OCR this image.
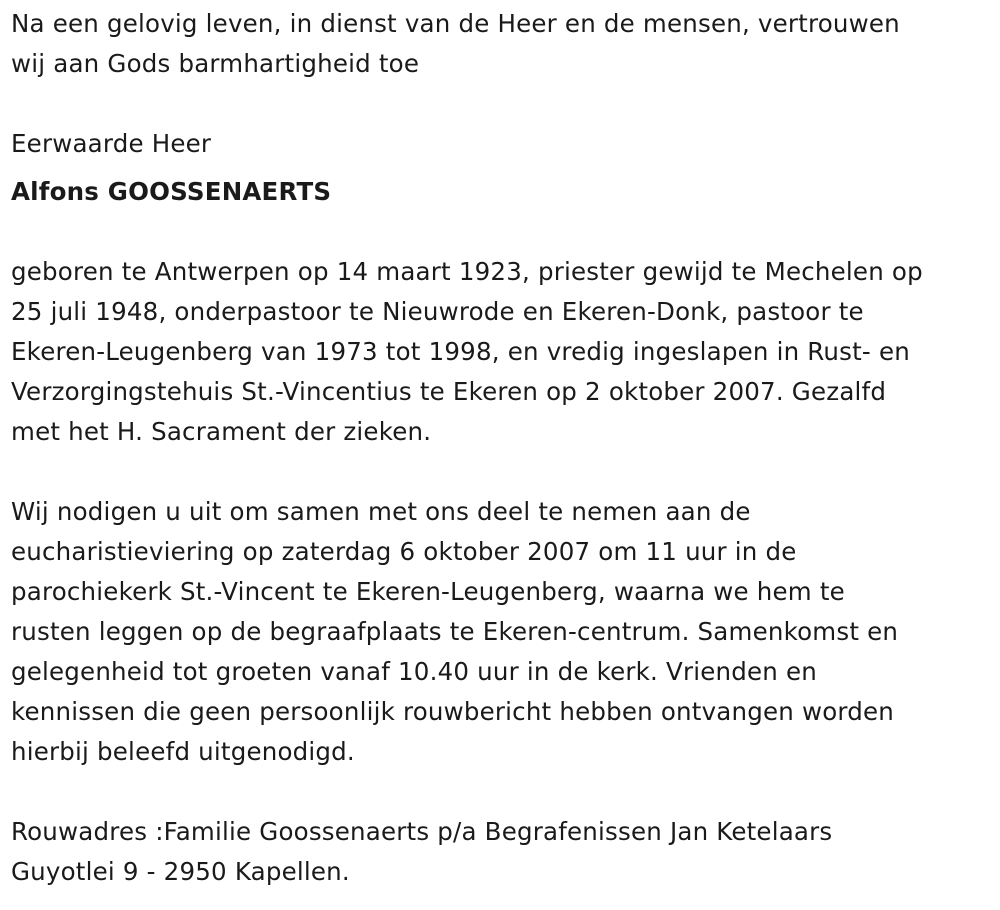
Na een gelovig leven, in dienst van de Heer en de mensen, vertrouwen
wij aan Gods barmhartigheid toe
Eerwaarde Heer
Alfons GOOSSENAERTS
geboren te Antwerpen op 14 maart 1923, priester gewijd te Mechelen op
25 juli 1948, onderpastoor te Nieuwrode en Ekeren-Donk, pastoor te
Ekeren-Leugenberg van 1973 tot 1998, en vredig ingeslapen in Rust- en
Verzorgingstehuis St.-Vincentius te Ekeren op 2 oktober 2007. Gezalfd
met het H. Sacrament der zieken.
Wij nodigen u uit om samen met ons deel te nemen aan de
eucharistieviering op zaterdag 6 oktober 2007 om 11 uur in de
parochiekerk St.-Vincent te Ekeren-Leugenberg, waarna we hem te
rusten leggen op de begraafplaats te Ekeren-centrum. Samenkomst en
gelegenheid tot groeten vanaf 10.40 uur in de kerk. Vrienden en
kennissen die geen persoonlijk rouwbericht hebben ontvangen worden
hierbij beleefd uitgenodigd.
Rouwadres :Familie Goossenaerts p/a Begrafenissen Jan Ketelaars
Guyotlei 9 - 2950 Kapellen.
